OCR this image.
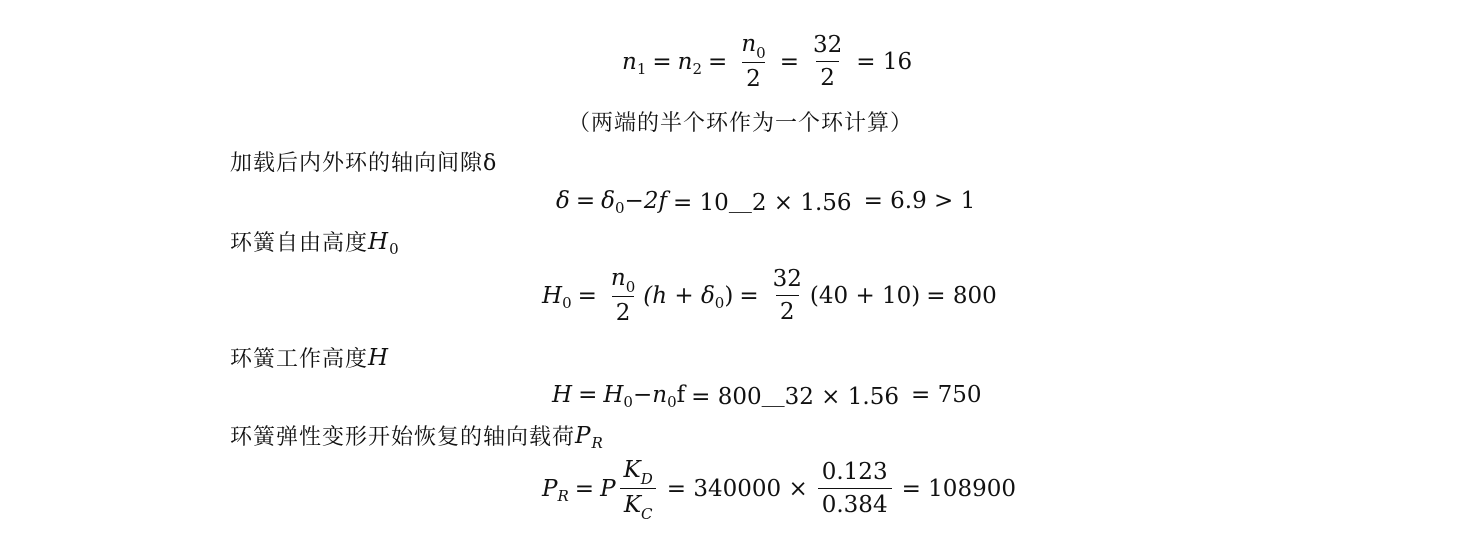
n 1 = n $2 = \frac{n_0}{2} = \frac{32}{2} = 16$
（两端的半个环作为一个环计算）
加载后内外环的轴向间隙δ
δ = δ 0 −2f = 10＿2 × 1.56 = 6.9 > 1
环簧自由高度 H 0
H $0 = \frac{n_0}{2} (h + \delta$ 0 ) = $\frac{32}{2} (40 + 10) = 800$
环簧工作高度 H
H = H 0 − n 0 f = 800＿32 × 1.56 = 750
环簧弹性变形开始恢复的轴向载荷 P R
P R = P $\frac{K_D}{K_C} = 340000 \times \frac{0.123}{0.384} = 108900$
